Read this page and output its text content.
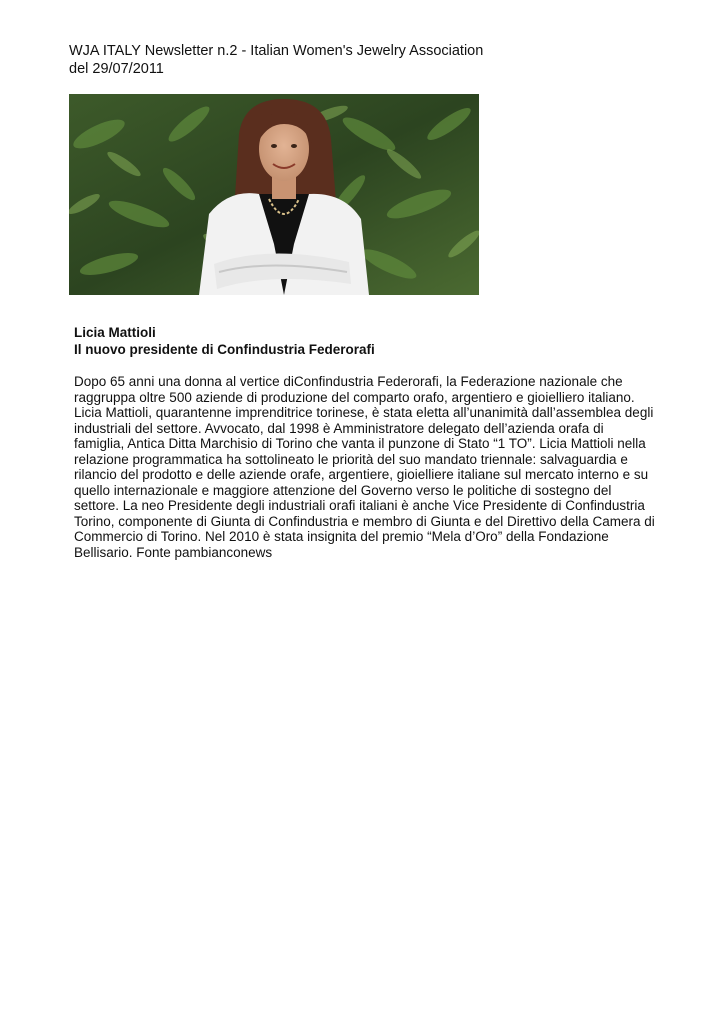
WJA ITALY Newsletter n.2 - Italian Women's Jewelry Association
del 29/07/2011
Licia Mattioli
Il nuovo presidente di Confindustria Federorafi
Dopo 65 anni una donna al vertice diConfindustria Federorafi, la Federazione nazionale che
raggruppa oltre 500 aziende di produzione del comparto orafo, argentiero e gioielliero italiano.
Licia Mattioli, quarantenne imprenditrice torinese, è stata eletta all’unanimità dall’assemblea degli
industriali del settore. Avvocato, dal 1998 è Amministratore delegato dell’azienda orafa di
famiglia, Antica Ditta Marchisio di Torino che vanta il punzone di Stato “1 TO”. Licia Mattioli nella
relazione programmatica ha sottolineato le priorità del suo mandato triennale: salvaguardia e
rilancio del prodotto e delle aziende orafe, argentiere, gioielliere italiane sul mercato interno e su
quello internazionale e maggiore attenzione del Governo verso le politiche di sostegno del
settore. La neo Presidente degli industriali orafi italiani è anche Vice Presidente di Confindustria
Torino, componente di Giunta di Confindustria e membro di Giunta e del Direttivo della Camera di
Commercio di Torino. Nel 2010 è stata insignita del premio “Mela d’Oro” della Fondazione
Bellisario. Fonte pambianconews
